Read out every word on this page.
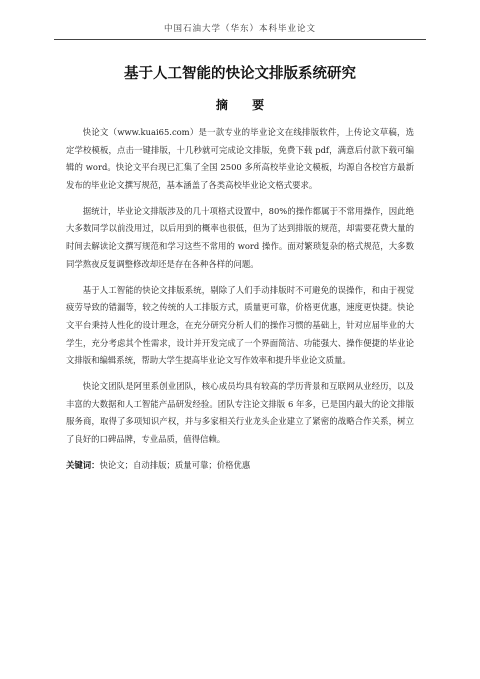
中国石油大学（华东）本科毕业论文
基于人工智能的快论文排版系统研究
摘 要

快论文（www.kuai65.com）是一款专业的毕业论文在线排版软件，上传论文草稿，选定学校模板，点击一键排版，十几秒就可完成论文排版，免费下载 pdf，满意后付款下载可编辑的 word。快论文平台现已汇集了全国 2500 多所高校毕业论文模板，均源自各校官方最新发布的毕业论文撰写规范，基本涵盖了各类高校毕业论文格式要求。

据统计，毕业论文排版涉及的几十项格式设置中，80%的操作都属于不常用操作，因此绝大多数同学以前没用过，以后用到的概率也很低，但为了达到排版的规范，却需要花费大量的时间去解读论文撰写规范和学习这些不常用的 word 操作。面对繁琐复杂的格式规范，大多数同学熬夜反复调整修改却还是存在各种各样的问题。

基于人工智能的快论文排版系统，剔除了人们手动排版时不可避免的误操作，和由于视觉疲劳导致的错漏等，较之传统的人工排版方式，质量更可靠，价格更优惠，速度更快捷。快论文平台秉持人性化的设计理念，在充分研究分析人们的操作习惯的基础上，针对应届毕业的大学生，充分考虑其个性需求，设计并开发完成了一个界面简洁、功能强大、操作便捷的毕业论文排版和编辑系统，帮助大学生提高毕业论文写作效率和提升毕业论文质量。

快论文团队是阿里系创业团队，核心成员均具有较高的学历背景和互联网从业经历，以及丰富的大数据和人工智能产品研发经验。团队专注论文排版 6 年多，已是国内最大的论文排版服务商，取得了多项知识产权，并与多家相关行业龙头企业建立了紧密的战略合作关系，树立了良好的口碑品牌，专业品质，值得信赖。

关键词：快论文；自动排版；质量可靠；价格优惠
